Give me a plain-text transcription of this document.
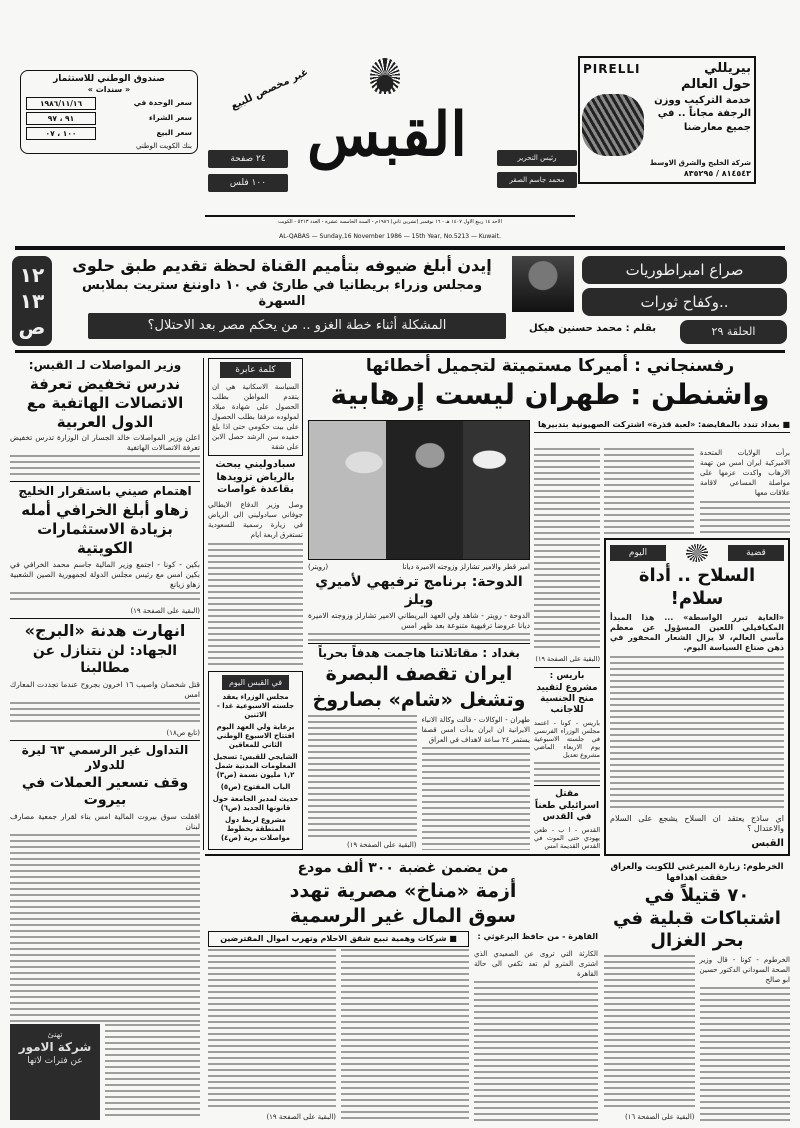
صندوق الوطني للاستثمار
« سندات »
سعر الوحدة في
١٩٨٦/١١/١٦
سعر الشراء
٩١ ، ٩٧
سعر البيع
١٠٠ ، ٠٧
بنك الكويت الوطني
غير مخصص للبيع
٢٤ صفحة
١٠٠ فلس
القبس	رئيس التحرير
محمد جاسم الصقر
الاحد ١٤ ربيع الاول ١٤٠٧ هـ - ١٦ نوفمبر (تشرين ثاني) ١٩٨٦م - السنة الخامسة عشرة - العدد ٥٢١٣ - الكويت
AL-QABAS — Sunday,16 November 1986 — 15th Year, No.5213 — Kuwait.
بيريللي
PIRELLI
حول العالم
خدمة التركيب ووزن الرجفة مجاناً .. في جميع معارضنا
شركة الخليج والشرق الاوسط
٨١٤٥٤٣ / ٨٣٥٢٩٥
١٢
١٣
ص
إيدن أبلغ ضيوفه بتأميم القناة لحظة تقديم طبق حلوى
ومجلس وزراء بريطانيا في طارئ في ١٠ داوننغ ستريت بملابس السهرة
المشكلة أثناء خطة الغزو .. من يحكم مصر بعد الاحتلال؟	بقلم : محمد حسنين هيكل
صراع امبراطوريات
..وكفاح ثورات
الحلقة ٢٩
وزير المواصلات لـ القبس:
ندرس تخفيض تعرفة الاتصالات الهاتفية مع الدول العربية
اعلن وزير المواصلات خالد الجسار ان الوزارة تدرس تخفيض تعرفة الاتصالات الهاتفية
اهتمام صيني باستقرار الخليج
زهاو أبلغ الخرافي أمله بزيادة الاستثمارات الكويتية
بكين - كونا - اجتمع وزير المالية جاسم محمد الخرافي في بكين امس مع رئيس مجلس الدولة لجمهورية الصين الشعبية زهاو زيانغ
(البقية على الصفحة ١٩)
انهارت هدنة «البرج»
الجهاد: لن نتنازل عن مطالبنا
قتل شخصان واصيب ١٦ اخرون بجروح عندما تجددت المعارك امس
(تابع ص١٨)
التداول غير الرسمي ٦٣ ليرة للدولار
وقف تسعير العملات في بيروت
اقفلت سوق بيروت المالية امس بناء لقرار جمعية مصارف لبنان
تهنئ
شركة الامور
عن فترات لاتها
كلمة عابرة
السياسة الاسكانية هي ان يتقدم المواطن بطلب الحصول على شهادة ميلاد لمولوده مرفقا بطلب الحصول على بيت حكومي حتى اذا بلغ حفيده سن الرشد حصل الابن على شقة
سبادوليني يبحث بالرياض تزويدها بقاعدة غواصات
وصل وزير الدفاع الايطالي جوفاني سبادوليني الى الرياض في زيارة رسمية للسعودية تستغرق اربعة ايام
في القبس اليوم
مجلس الوزراء يعقد جلسته الاسبوعية غدا - الاثنين
برعاية ولي العهد اليوم افتتاح الاسبوع الوطني الثاني للمعاقين
الشايجي للقبس: تسجيل المعلومات المدنية شمل ١,٢ مليون نسمة (ص٣)
الباب المفتوح (ص٥)
حديث لمدير الجامعة حول قانونها الجديد (ص٦)
مشروع لربط دول المنطقة بخطوط مواصلات برية (ص٤)
رفسنجاني : أميركا مستميتة لتجميل أخطائها
واشنطن : طهران ليست إرهابية
امير قطر والامير تشارلز وزوجته الاميرة ديانا
(رويتر)
الدوحة: برنامج ترفيهي لأميري ويلز
الدوحة - رويتر - شاهد ولي العهد البريطاني الامير تشارلز وزوجته الاميرة ديانا عروضا ترفيهية متنوعة بعد ظهر امس
بغداد : مقاتلاتنا هاجمت هدفاً بحرياً
ايران تقصف البصرة
وتشغل «شام» بصاروخ
طهران - الوكالات - قالت وكالة الانباء الايرانية ان ايران بدأت امس قصفا يستمر ٢٤ ساعة لاهداف في العراق
(البقية على الصفحة ١٩)
■ بغداد تندد بالمقايضة: «لعبة قذرة» اشتركت الصهيونية بتدبيرها
برأت الولايات المتحدة الاميركية ايران امس من تهمة الارهاب واكدت عزمها على مواصلة المساعي لاقامة علاقات معها
(البقية على الصفحة ١٩)
باريس : مشروع لتقييد منح الجنسية للاجانب
باريس - كونا - اعتمد مجلس الوزراء الفرنسي في جلسته الاسبوعية يوم الاربعاء الماضي مشروع تعديل
مقتل اسرائيلي طعناً في القدس
القدس - ا ب - طعن يهودي حتى الموت في القدس القديمة امس
قضية
اليوم
السلاح .. أداة سلام!
«الغاية تبرر الواسطة» ... هذا المبدأ المكيافيلي اللعين المسؤول عن معظم مآسي العالم، لا يزال الشعار المحفور في ذهن صناع السياسة اليوم.
اي ساذج يعتقد ان السلاح يشجع على السلام والاعتدال ؟
القبس
من يضمن غضبة ٣٠٠ ألف مودع
أزمة «مناخ» مصرية تهدد
سوق المال غير الرسمية
القاهرة - من حافظ البرغوثي :
■ شركات وهمية تبيع شقق الاحلام وتهرب اموال المقترضين
الكارثة التي تروى عن الصعيدي الذي اشترى المترو لم تعد تكفي الى حالة القاهرة
(البقية على الصفحة ١٩)
الخرطوم: زيارة الميرغني للكويت والعراق حققت اهدافها
٧٠ قتيلاً في اشتباكات قبلية في بحر الغزال
الخرطوم - كونا - قال وزير الصحة السوداني الدكتور حسين ابو صالح
(البقية على الصفحة ١٦)
